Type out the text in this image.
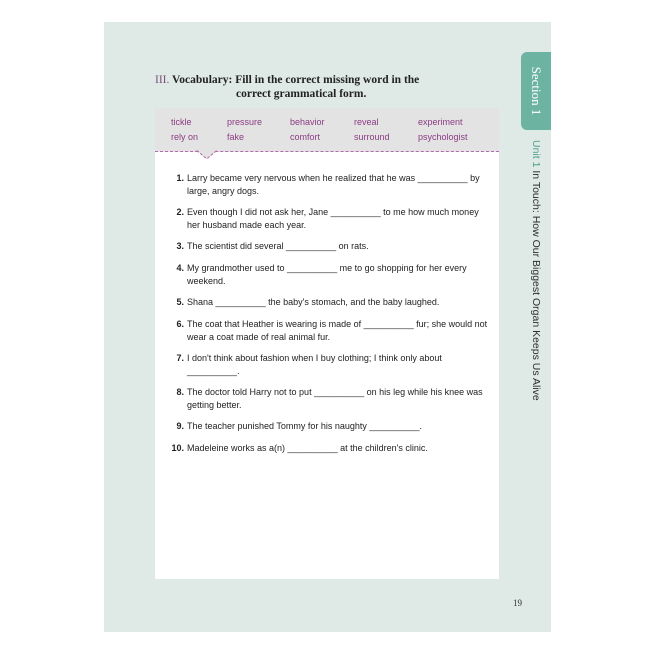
Section 1
Unit 1 In Touch: How Our Biggest Organ Keeps Us Alive
III. Vocabulary: Fill in the correct missing word in the
correct grammatical form.
tickle	pressure	behavior	reveal	experiment
rely on	fake	comfort	surround	psychologist
1. Larry became very nervous when he realized that he was __________ by large, angry dogs.
2. Even though I did not ask her, Jane __________ to me how much money her husband made each year.
3. The scientist did several __________ on rats.
4. My grandmother used to __________ me to go shopping for her every weekend.
5. Shana __________ the baby's stomach, and the baby laughed.
6. The coat that Heather is wearing is made of __________ fur; she would not wear a coat made of real animal fur.
7. I don't think about fashion when I buy clothing; I think only about __________.
8. The doctor told Harry not to put __________ on his leg while his knee was getting better.
9. The teacher punished Tommy for his naughty __________.
10. Madeleine works as a(n) __________ at the children's clinic.
19
